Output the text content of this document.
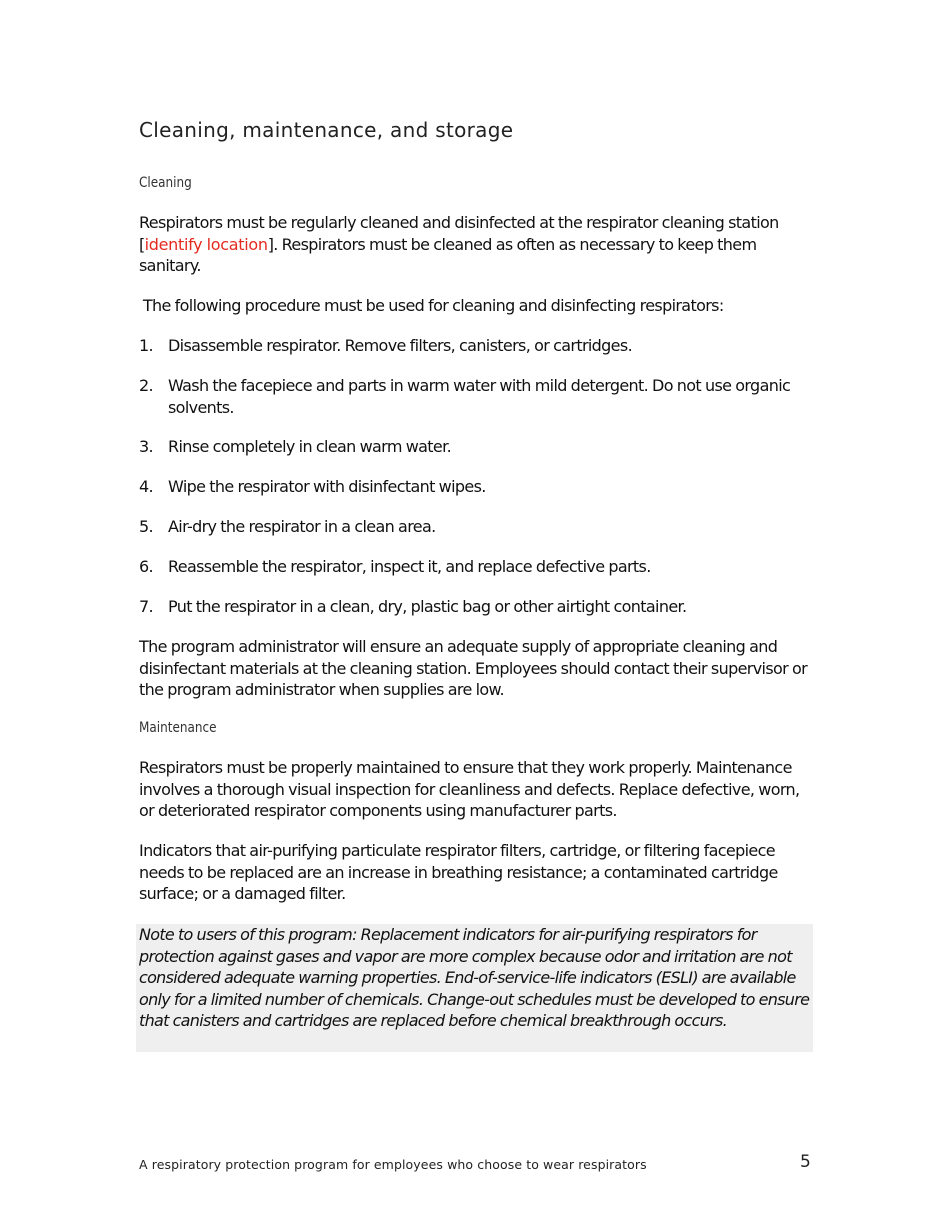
Cleaning, maintenance, and storage
Cleaning
Respirators must be regularly cleaned and disinfected at the respirator cleaning station [identify location]. Respirators must be cleaned as often as necessary to keep them sanitary.
The following procedure must be used for cleaning and disinfecting respirators:
1. Disassemble respirator. Remove filters, canisters, or cartridges.
2. Wash the facepiece and parts in warm water with mild detergent. Do not use organic solvents.
3. Rinse completely in clean warm water.
4. Wipe the respirator with disinfectant wipes.
5. Air-dry the respirator in a clean area.
6. Reassemble the respirator, inspect it, and replace defective parts.
7. Put the respirator in a clean, dry, plastic bag or other airtight container.
The program administrator will ensure an adequate supply of appropriate cleaning and disinfectant materials at the cleaning station. Employees should contact their supervisor or the program administrator when supplies are low.
Maintenance
Respirators must be properly maintained to ensure that they work properly. Maintenance involves a thorough visual inspection for cleanliness and defects. Replace defective, worn, or deteriorated respirator components using manufacturer parts.
Indicators that air-purifying particulate respirator filters, cartridge, or filtering facepiece needs to be replaced are an increase in breathing resistance; a contaminated cartridge surface; or a damaged filter.
Note to users of this program: Replacement indicators for air-purifying respirators for protection against gases and vapor are more complex because odor and irritation are not considered adequate warning properties. End-of-service-life indicators (ESLI) are available only for a limited number of chemicals. Change-out schedules must be developed to ensure that canisters and cartridges are replaced before chemical breakthrough occurs.
A respiratory protection program for employees who choose to wear respirators	5
